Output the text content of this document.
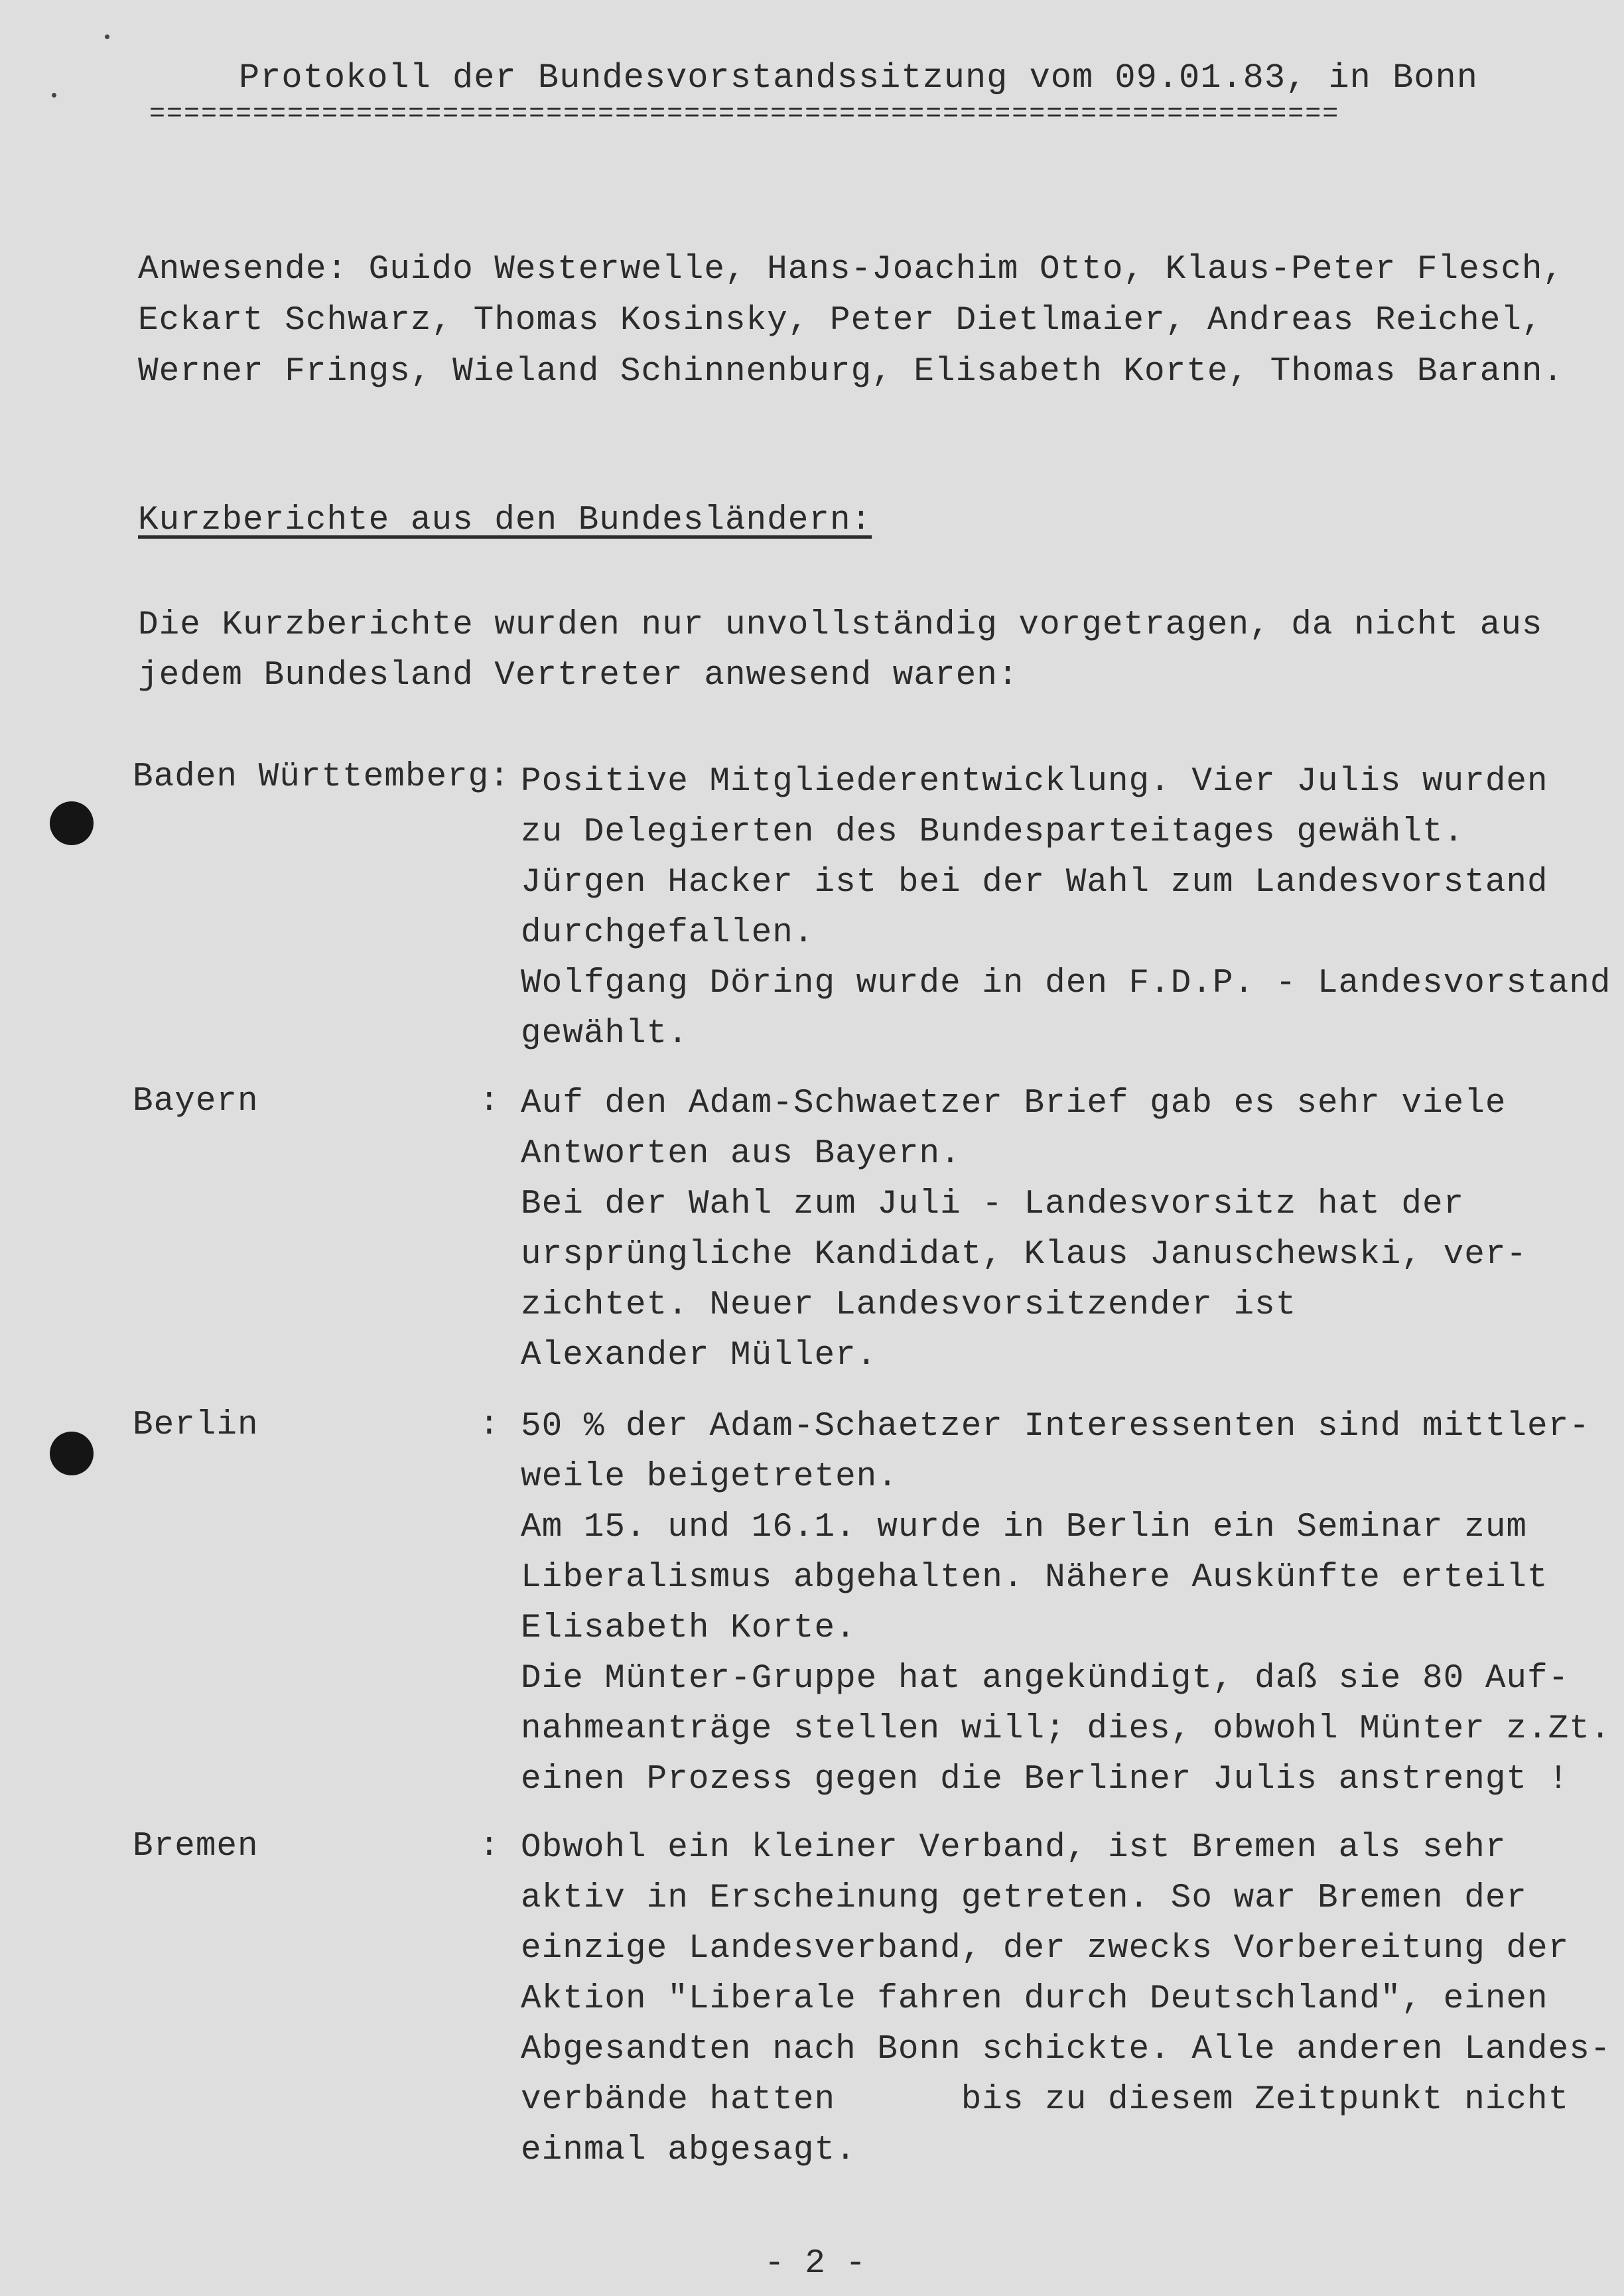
Protokoll der Bundesvorstandssitzung vom 09.01.83, in Bonn
=====================================================================
Anwesende: Guido Westerwelle, Hans-Joachim Otto, Klaus-Peter Flesch,
Eckart Schwarz, Thomas Kosinsky, Peter Dietlmaier, Andreas Reichel,
Werner Frings, Wieland Schinnenburg, Elisabeth Korte, Thomas Barann.
Kurzberichte aus den Bundesländern:
Die Kurzberichte wurden nur unvollständig vorgetragen, da nicht aus
jedem Bundesland Vertreter anwesend waren:
Baden Württemberg: Positive Mitgliederentwicklung. Vier Julis wurden
zu Delegierten des Bundesparteitages gewählt.
Jürgen Hacker ist bei der Wahl zum Landesvorstand
durchgefallen.
Wolfgang Döring wurde in den F.D.P. - Landesvorstand
gewählt.
Bayern	: Auf den Adam-Schwaetzer Brief gab es sehr viele
Antworten aus Bayern.
Bei der Wahl zum Juli - Landesvorsitz hat der
ursprüngliche Kandidat, Klaus Januschewski, ver-
zichtet. Neuer Landesvorsitzender ist
Alexander Müller.
Berlin	: 50 % der Adam-Schaetzer Interessenten sind mittler-
weile beigetreten.
Am 15. und 16.1. wurde in Berlin ein Seminar zum
Liberalismus abgehalten. Nähere Auskünfte erteilt
Elisabeth Korte.
Die Münter-Gruppe hat angekündigt, daß sie 80 Auf-
nahmeanträge stellen will; dies, obwohl Münter z.Zt.
einen Prozess gegen die Berliner Julis anstrengt !
Bremen	: Obwohl ein kleiner Verband, ist Bremen als sehr
aktiv in Erscheinung getreten. So war Bremen der
einzige Landesverband, der zwecks Vorbereitung der
Aktion "Liberale fahren durch Deutschland", einen
Abgesandten nach Bonn schickte. Alle anderen Landes-
verbände hatten      bis zu diesem Zeitpunkt nicht
einmal abgesagt.
- 2 -
